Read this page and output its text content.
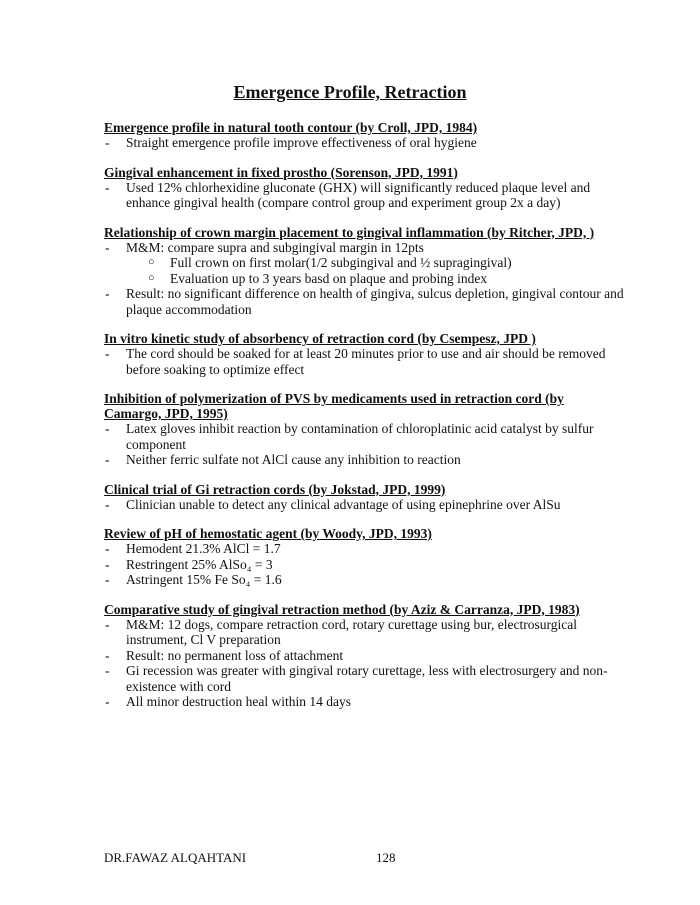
Emergence Profile, Retraction
Emergence profile in natural tooth contour (by Croll, JPD, 1984)
-	Straight emergence profile improve effectiveness of oral hygiene
Gingival enhancement in fixed prostho (Sorenson, JPD, 1991)
-	Used 12% chlorhexidine gluconate (GHX) will significantly reduced plaque level and enhance gingival health (compare control group and experiment group 2x a day)
Relationship of crown margin placement to gingival inflammation (by Ritcher, JPD, )
-	M&M: compare supra and subgingival margin in 12pts
○ Full crown on first molar(1/2 subgingival and ½ supragingival)
○ Evaluation up to 3 years basd on plaque and probing index
-	Result: no significant difference on health of gingiva, sulcus depletion, gingival contour and plaque accommodation
In vitro kinetic study of absorbency of retraction cord (by Csempesz, JPD )
-	The cord should be soaked for at least 20 minutes prior to use and air should be removed before soaking to optimize effect
Inhibition of polymerization of PVS by medicaments used in retraction cord (by Camargo, JPD, 1995)
-	Latex gloves inhibit reaction by contamination of chloroplatinic acid catalyst by sulfur component
-	Neither ferric sulfate not AlCl cause any inhibition to reaction
Clinical trial of Gi retraction cords (by Jokstad, JPD, 1999)
-	Clinician unable to detect any clinical advantage of using epinephrine over AlSu
Review of pH of hemostatic agent (by Woody, JPD, 1993)
-	Hemodent 21.3% AlCl = 1.7
-	Restringent 25% AlSo₄ = 3
-	Astringent 15% Fe So₄ = 1.6
Comparative study of gingival retraction method (by Aziz & Carranza, JPD, 1983)
-	M&M: 12 dogs, compare retraction cord, rotary curettage using bur, electrosurgical instrument, Cl V preparation
-	Result: no permanent loss of attachment
-	Gi recession was greater with gingival rotary curettage, less with electrosurgery and non-existence with cord
-	All minor destruction heal within 14 days
DR.FAWAZ ALQAHTANI	128
